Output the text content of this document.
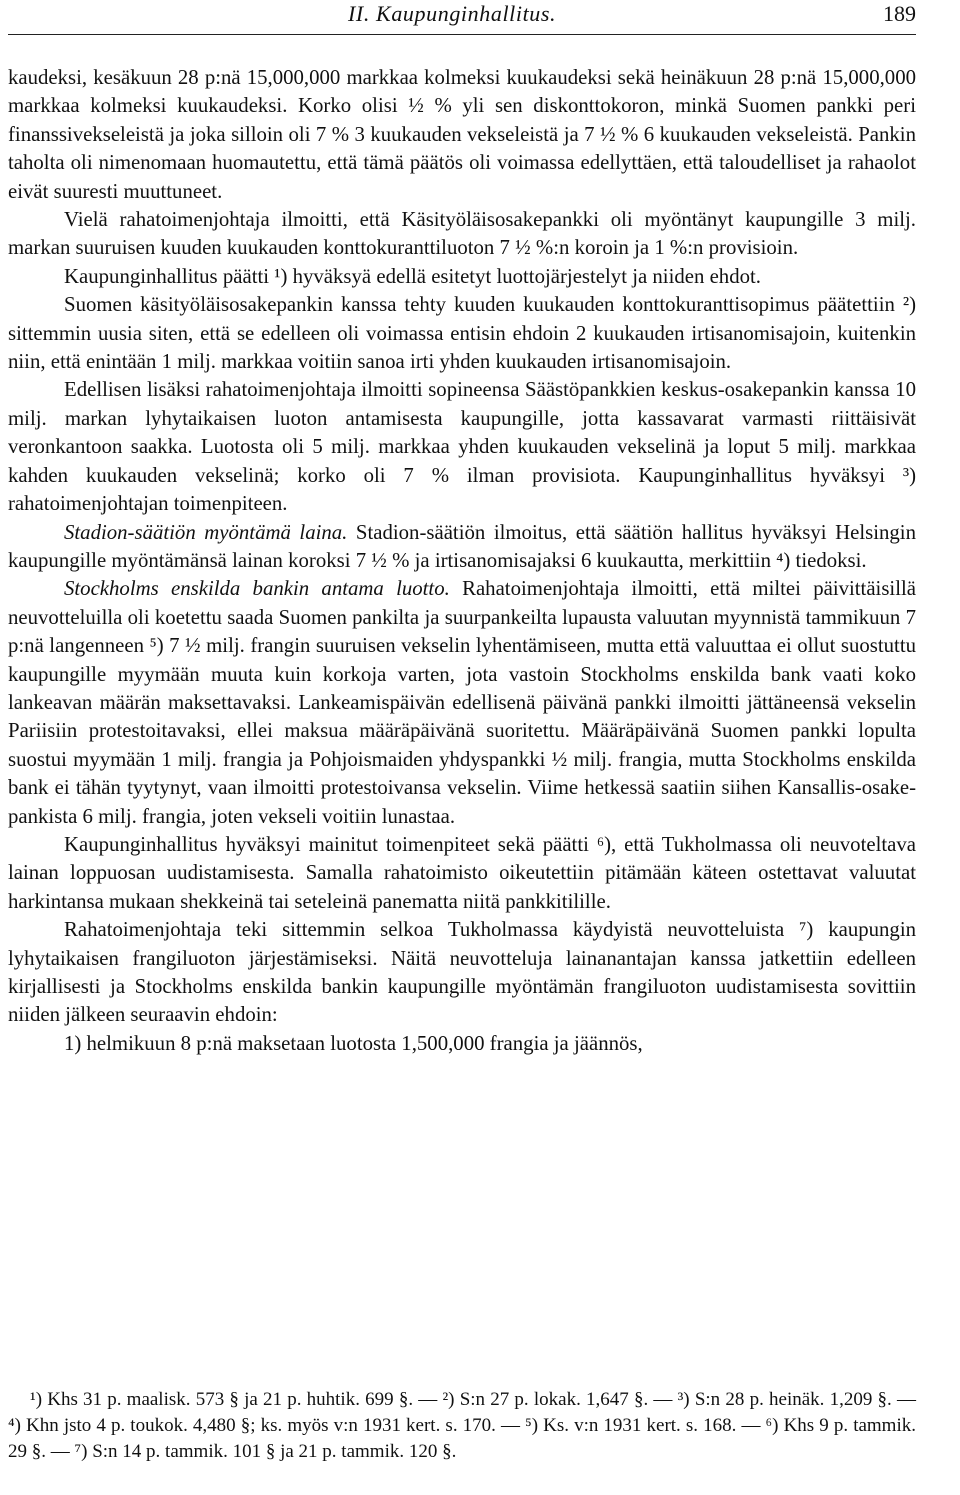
II. Kaupunginhallitus.	189

kaudeksi, kesäkuun 28 p:nä 15,000,000 markkaa kolmeksi kuukaudeksi sekä heinäkuun 28 p:nä 15,000,000 markkaa kolmeksi kuukaudeksi. Korko olisi ½ % yli sen diskonttokoron, minkä Suomen pankki peri finanssivekseleistä ja joka silloin oli 7 % 3 kuukauden vekseleistä ja 7 ½ % 6 kuukauden vekseleistä. Pankin taholta oli nimenomaan huomautettu, että tämä päätös oli voimassa edellyttäen, että taloudelliset ja rahaolot eivät suuresti muuttuneet.

Vielä rahatoimenjohtaja ilmoitti, että Käsityöläisosakepankki oli myöntänyt kaupungille 3 milj. markan suuruisen kuuden kuukauden konttokuranttiluoton 7 ½ %:n koroin ja 1 %:n provisioin.

Kaupunginhallitus päätti ¹) hyväksyä edellä esitetyt luottojärjestelyt ja niiden ehdot.

Suomen käsityöläisosakepankin kanssa tehty kuuden kuukauden konttokuranttisopimus päätettiin ²) sittemmin uusia siten, että se edelleen oli voimassa entisin ehdoin 2 kuukauden irtisanomisajoin, kuitenkin niin, että enintään 1 milj. markkaa voitiin sanoa irti yhden kuukauden irtisanomisajoin.

Edellisen lisäksi rahatoimenjohtaja ilmoitti sopineensa Säästöpankkien keskus-osakepankin kanssa 10 milj. markan lyhytaikaisen luoton antamisesta kaupungille, jotta kassavarat varmasti riittäisivät veronkantoon saakka. Luotosta oli 5 milj. markkaa yhden kuukauden vekselinä ja loput 5 milj. markkaa kahden kuukauden vekselinä; korko oli 7 % ilman provisiota. Kaupunginhallitus hyväksyi ³) rahatoimenjohtajan toimenpiteen.

Stadion-säätiön myöntämä laina. Stadion-säätiön ilmoitus, että säätiön hallitus hyväksyi Helsingin kaupungille myöntämänsä lainan koroksi 7 ½ % ja irtisanomisajaksi 6 kuukautta, merkittiin ⁴) tiedoksi.

Stockholms enskilda bankin antama luotto. Rahatoimenjohtaja ilmoitti, että miltei päivittäisillä neuvotteluilla oli koetettu saada Suomen pankilta ja suurpankeilta lupausta valuutan myynnistä tammikuun 7 p:nä langenneen ⁵) 7 ½ milj. frangin suuruisen vekselin lyhentämiseen, mutta että valuuttaa ei ollut suostuttu kaupungille myymään muuta kuin korkoja varten, jota vastoin Stockholms enskilda bank vaati koko lankeavan määrän maksettavaksi. Lankeamispäivän edellisenä päivänä pankki ilmoitti jättäneensä vekselin Pariisiin protestoitavaksi, ellei maksua määräpäivänä suoritettu. Määräpäivänä Suomen pankki lopulta suostui myymään 1 milj. frangia ja Pohjoismaiden yhdyspankki ½ milj. frangia, mutta Stockholms enskilda bank ei tähän tyytynyt, vaan ilmoitti protestoivansa vekselin. Viime hetkessä saatiin siihen Kansallis-osake-pankista 6 milj. frangia, joten vekseli voitiin lunastaa.

Kaupunginhallitus hyväksyi mainitut toimenpiteet sekä päätti ⁶), että Tukholmassa oli neuvoteltava lainan loppuosan uudistamisesta. Samalla rahatoimisto oikeutettiin pitämään käteen ostettavat valuutat harkintansa mukaan shekkeinä tai seteleinä panematta niitä pankkitilille.

Rahatoimenjohtaja teki sittemmin selkoa Tukholmassa käydyistä neuvotteluista ⁷) kaupungin lyhytaikaisen frangiluoton järjestämiseksi. Näitä neuvotteluja lainanantajan kanssa jatkettiin edelleen kirjallisesti ja Stockholms enskilda bankin kaupungille myöntämän frangiluoton uudistamisesta sovittiin niiden jälkeen seuraavin ehdoin:

1) helmikuun 8 p:nä maksetaan luotosta 1,500,000 frangia ja jäännös,

¹) Khs 31 p. maalisk. 573 § ja 21 p. huhtik. 699 §. — ²) S:n 27 p. lokak. 1,647 §. — ³) S:n 28 p. heinäk. 1,209 §. — ⁴) Khn jsto 4 p. toukok. 4,480 §; ks. myös v:n 1931 kert. s. 170. — ⁵) Ks. v:n 1931 kert. s. 168. — ⁶) Khs 9 p. tammik. 29 §. — ⁷) S:n 14 p. tammik. 101 § ja 21 p. tammik. 120 §.
